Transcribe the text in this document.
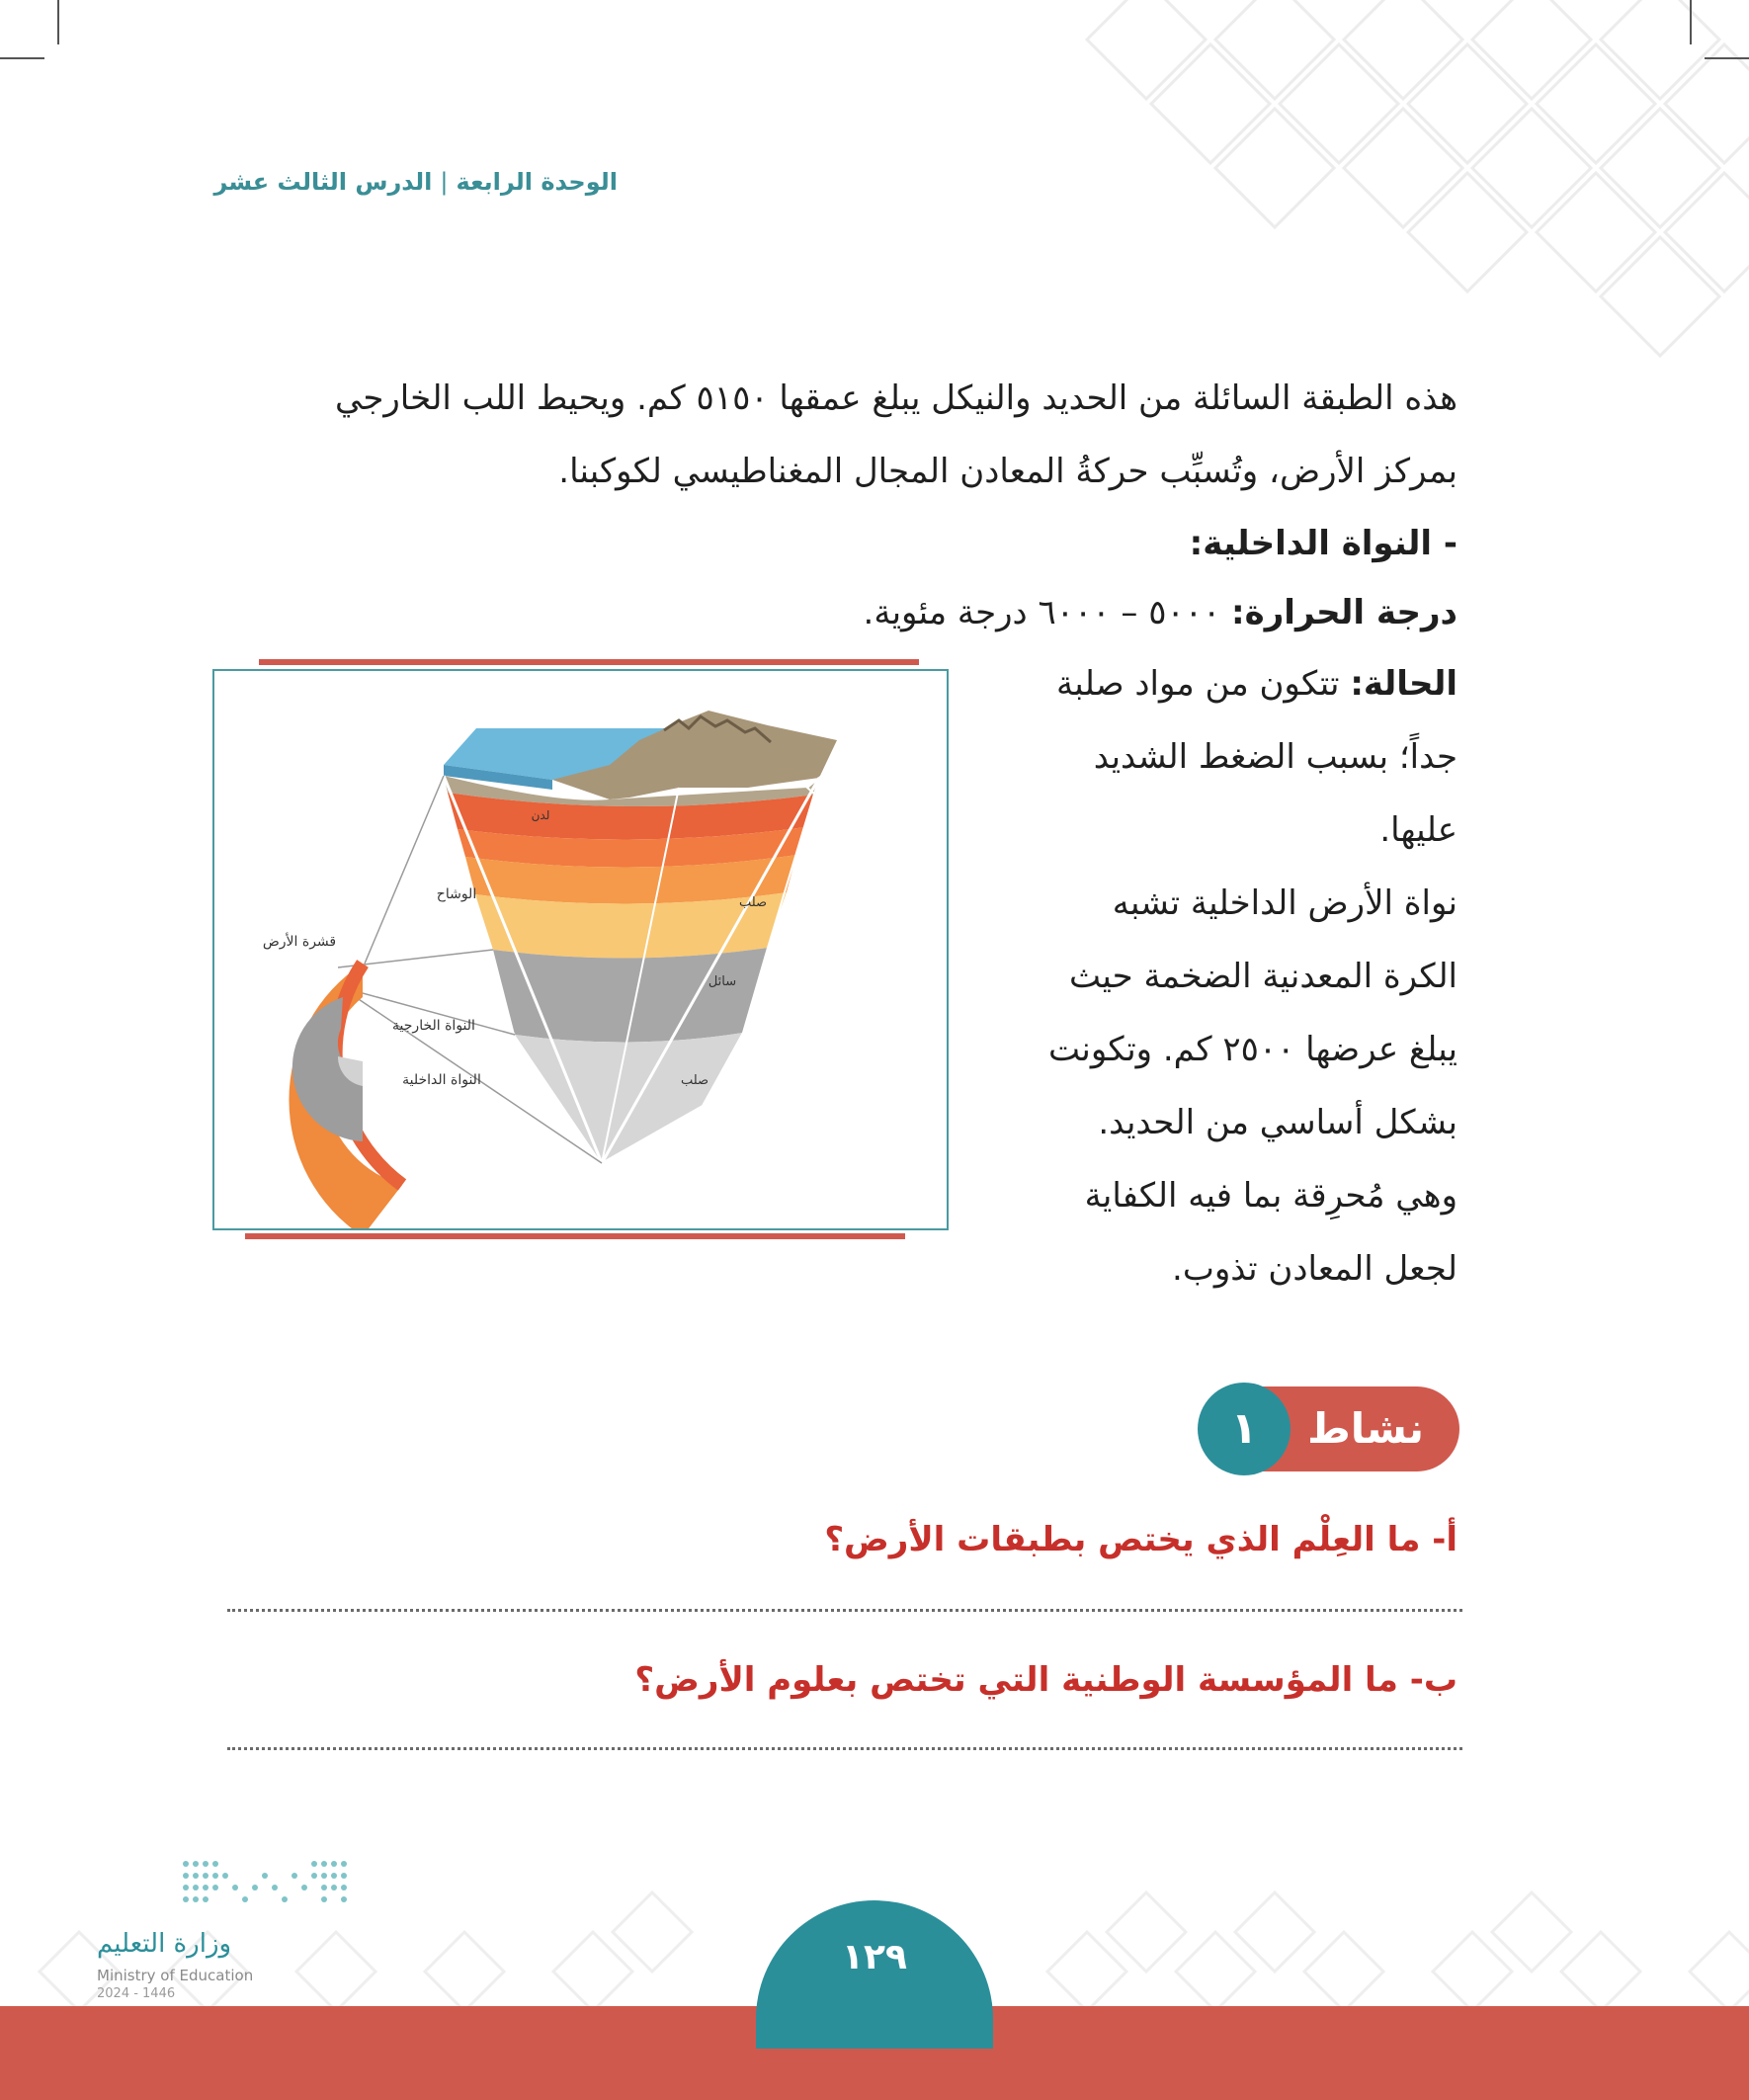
الوحدة الرابعة|الدرس الثالث عشر
هذه الطبقة السائلة من الحديد والنيكل يبلغ عمقها ٥١٥٠ كم. ويحيط اللب الخارجي
بمركز الأرض، وتُسبِّب حركةُ المعادن المجال المغناطيسي لكوكبنا.
- النواة الداخلية:
درجة الحرارة: ٥٠٠٠ – ٦٠٠٠ درجة مئوية.
الحالة: تتكون من مواد صلبة
جداً؛ بسبب الضغط الشديد
عليها.
نواة الأرض الداخلية تشبه
الكرة المعدنية الضخمة حيث
يبلغ عرضها ٢٥٠٠ كم. وتكونت
بشكل أساسي من الحديد.
وهي مُحرِقة بما فيه الكفاية
لجعل المعادن تذوب.
قشرة الأرض
الوشاح
النواة الخارجية
النواة الداخلية
صلب
سائل
صلب
لدن
نشاط
١
أ- ما العِلْم الذي يختص بطبقات الأرض؟
ب- ما المؤسسة الوطنية التي تختص بعلوم الأرض؟
١٢٩
وزارة التعليم
Ministry of Education
2024 - 1446
